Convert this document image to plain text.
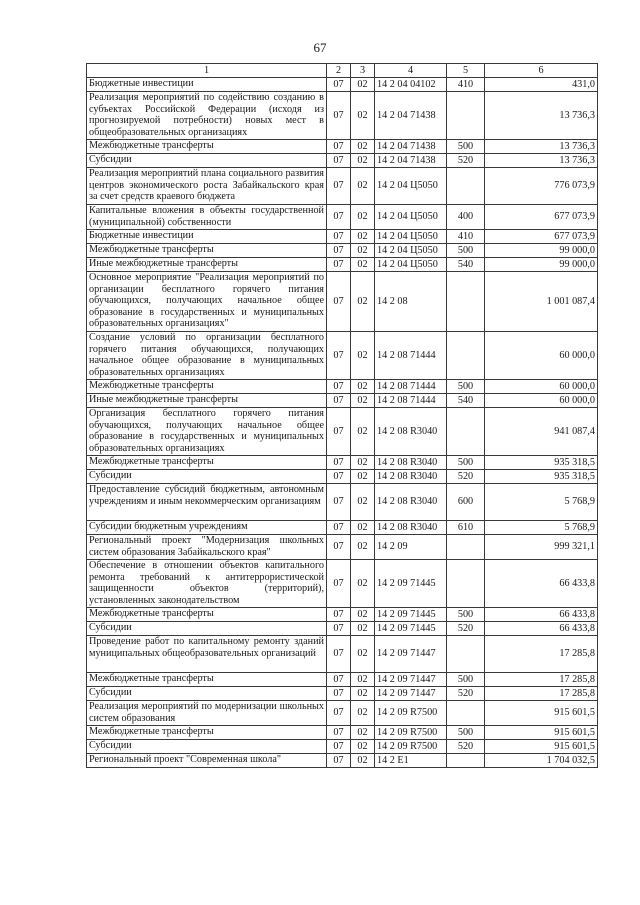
67
1	2	3	4	5	6
Бюджетные инвестиции	07	02	14 2 04 04102	410	431,0
Реализация мероприятий по содействию созданию в субъектах Российской Федерации (исходя из прогнозируемой потребности) новых мест в общеобразовательных организациях	07	02	14 2 04 71438		13 736,3
Межбюджетные трансферты	07	02	14 2 04 71438	500	13 736,3
Субсидии	07	02	14 2 04 71438	520	13 736,3
Реализация мероприятий плана социального развития центров экономического роста Забайкальского края за счет средств краевого бюджета	07	02	14 2 04 Ц5050		776 073,9
Капитальные вложения в объекты государственной (муниципальной) собственности	07	02	14 2 04 Ц5050	400	677 073,9
Бюджетные инвестиции	07	02	14 2 04 Ц5050	410	677 073,9
Межбюджетные трансферты	07	02	14 2 04 Ц5050	500	99 000,0
Иные межбюджетные трансферты	07	02	14 2 04 Ц5050	540	99 000,0
Основное мероприятие "Реализация мероприятий по организации бесплатного горячего питания обучающихся, получающих начальное общее образование в государственных и муниципальных образовательных организациях"	07	02	14 2 08		1 001 087,4
Создание условий по организации бесплатного горячего питания обучающихся, получающих начальное общее образование в муниципальных образовательных организациях	07	02	14 2 08 71444		60 000,0
Межбюджетные трансферты	07	02	14 2 08 71444	500	60 000,0
Иные межбюджетные трансферты	07	02	14 2 08 71444	540	60 000,0
Организация бесплатного горячего питания обучающихся, получающих начальное общее образование в государственных и муниципальных образовательных организациях	07	02	14 2 08 R3040		941 087,4
Межбюджетные трансферты	07	02	14 2 08 R3040	500	935 318,5
Субсидии	07	02	14 2 08 R3040	520	935 318,5
Предоставление субсидий бюджетным, автономным учреждениям и иным некоммерческим организациям	07	02	14 2 08 R3040	600	5 768,9
Субсидии бюджетным учреждениям	07	02	14 2 08 R3040	610	5 768,9
Региональный проект "Модернизация школьных систем образования Забайкальского края"	07	02	14 2 09		999 321,1
Обеспечение в отношении объектов капитального ремонта требований к антитеррористической защищенности объектов (территорий), установленных законодательством	07	02	14 2 09 71445		66 433,8
Межбюджетные трансферты	07	02	14 2 09 71445	500	66 433,8
Субсидии	07	02	14 2 09 71445	520	66 433,8
Проведение работ по капитальному ремонту зданий муниципальных общеобразовательных организаций	07	02	14 2 09 71447		17 285,8
Межбюджетные трансферты	07	02	14 2 09 71447	500	17 285,8
Субсидии	07	02	14 2 09 71447	520	17 285,8
Реализация мероприятий по модернизации школьных систем образования	07	02	14 2 09 R7500		915 601,5
Межбюджетные трансферты	07	02	14 2 09 R7500	500	915 601,5
Субсидии	07	02	14 2 09 R7500	520	915 601,5
Региональный проект "Современная школа"	07	02	14 2 Е1		1 704 032,5
